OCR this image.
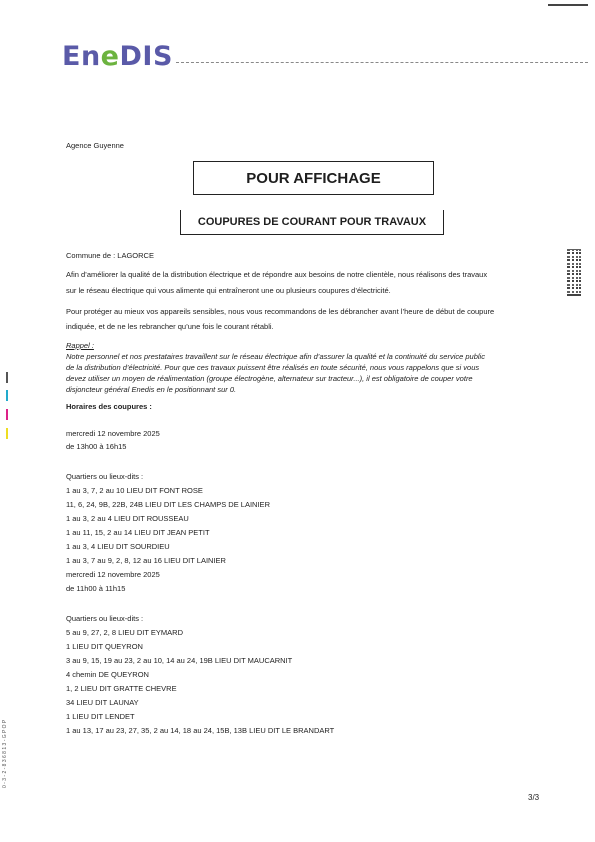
EneDIS
Agence Guyenne
POUR AFFICHAGE
COUPURES DE COURANT POUR TRAVAUX
Commune de : LAGORCE
Afin d’améliorer la qualité de la distribution électrique et de répondre aux besoins de notre clientèle, nous réalisons des travaux
sur le réseau électrique qui vous alimente qui entraîneront une ou plusieurs coupures d’électricité.
Pour protéger au mieux vos appareils sensibles, nous vous recommandons de les débrancher avant l’heure de début de coupure
indiquée, et de ne les rebrancher qu’une fois le courant rétabli.
Rappel :
Notre personnel et nos prestataires travaillent sur le réseau électrique afin d’assurer la qualité et la continuité du service public
de la distribution d’électricité. Pour que ces travaux puissent être réalisés en toute sécurité, nous vous rappelons que si vous
devez utiliser un moyen de réalimentation (groupe électrogène, alternateur sur tracteur...), il est obligatoire de couper votre
disjoncteur général Enedis en le positionnant sur 0.
Horaires des coupures :
mercredi 12 novembre 2025
de 13h00 à 16h15
Quartiers ou lieux-dits :
1 au 3, 7, 2 au 10 LIEU DIT FONT ROSE
11, 6, 24, 9B, 22B, 24B LIEU DIT LES CHAMPS DE LAINIER
1 au 3, 2 au 4 LIEU DIT ROUSSEAU
1 au 11, 15, 2 au 14 LIEU DIT JEAN PETIT
1 au 3, 4 LIEU DIT SOURDIEU
1 au 3, 7 au 9, 2, 8, 12 au 16 LIEU DIT LAINIER
mercredi 12 novembre 2025
de 11h00 à 11h15
Quartiers ou lieux-dits :
5 au 9, 27, 2, 8 LIEU DIT EYMARD
1 LIEU DIT QUEYRON
3 au 9, 15, 19 au 23, 2 au 10, 14 au 24, 19B LIEU DIT MAUCARNIT
4 chemin DE QUEYRON
1, 2 LIEU DIT GRATTE CHEVRE
34 LIEU DIT LAUNAY
1 LIEU DIT LENDET
1 au 13, 17 au 23, 27, 35, 2 au 14, 18 au 24, 15B, 13B LIEU DIT LE BRANDART
0 - 3 - 2 - 8 3 6 8 1 3 - G P O P
3/3
